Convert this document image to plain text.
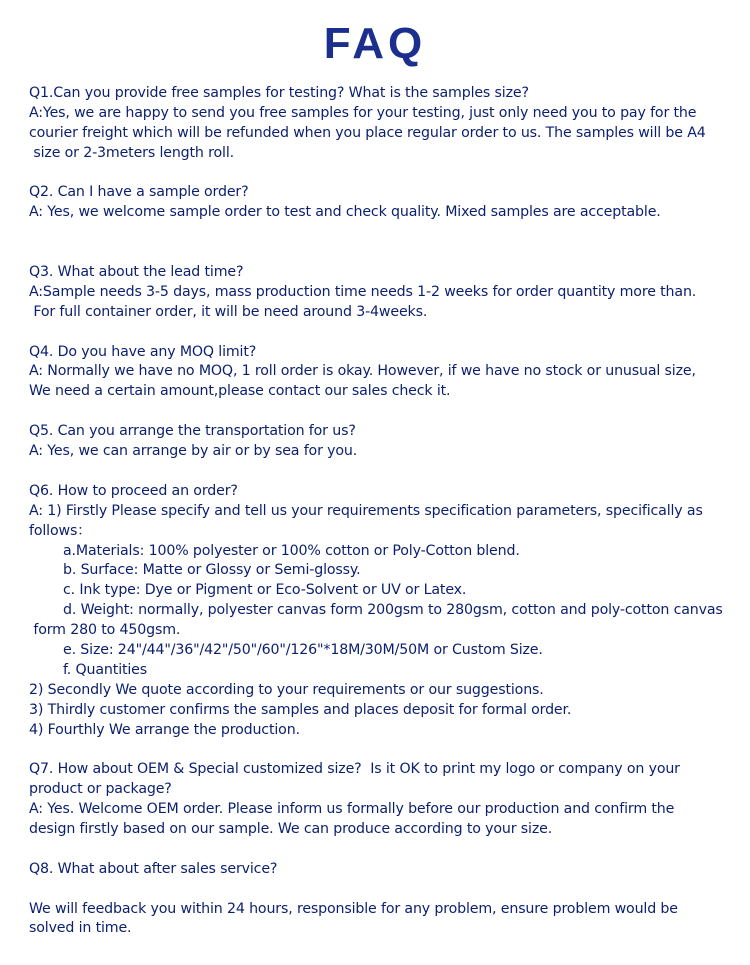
FAQ
Q1.Can you provide free samples for testing? What is the samples size?
A:Yes, we are happy to send you free samples for your testing, just only need you to pay for the
courier freight which will be refunded when you place regular order to us. The samples will be A4
size or 2-3meters length roll.
Q2. Can I have a sample order?
A: Yes, we welcome sample order to test and check quality. Mixed samples are acceptable.
Q3. What about the lead time?
A:Sample needs 3-5 days, mass production time needs 1-2 weeks for order quantity more than.
For full container order, it will be need around 3-4weeks.
Q4. Do you have any MOQ limit?
A: Normally we have no MOQ, 1 roll order is okay. However, if we have no stock or unusual size,
We need a certain amount,please contact our sales check it.
Q5. Can you arrange the transportation for us?
A: Yes, we can arrange by air or by sea for you.
Q6. How to proceed an order?
A: 1) Firstly Please specify and tell us your requirements specification parameters, specifically as
follows：
a.Materials: 100% polyester or 100% cotton or Poly-Cotton blend.
b. Surface: Matte or Glossy or Semi-glossy.
c. Ink type: Dye or Pigment or Eco-Solvent or UV or Latex.
d. Weight: normally, polyester canvas form 200gsm to 280gsm, cotton and poly-cotton canvas
form 280 to 450gsm.
e. Size: 24"/44"/36"/42"/50"/60"/126"*18M/30M/50M or Custom Size.
f. Quantities
2) Secondly We quote according to your requirements or our suggestions.
3) Thirdly customer confirms the samples and places deposit for formal order.
4) Fourthly We arrange the production.
Q7. How about OEM & Special customized size?  Is it OK to print my logo or company on your
product or package?
A: Yes. Welcome OEM order. Please inform us formally before our production and confirm the
design firstly based on our sample. We can produce according to your size.
Q8. What about after sales service?
We will feedback you within 24 hours, responsible for any problem, ensure problem would be
solved in time.
